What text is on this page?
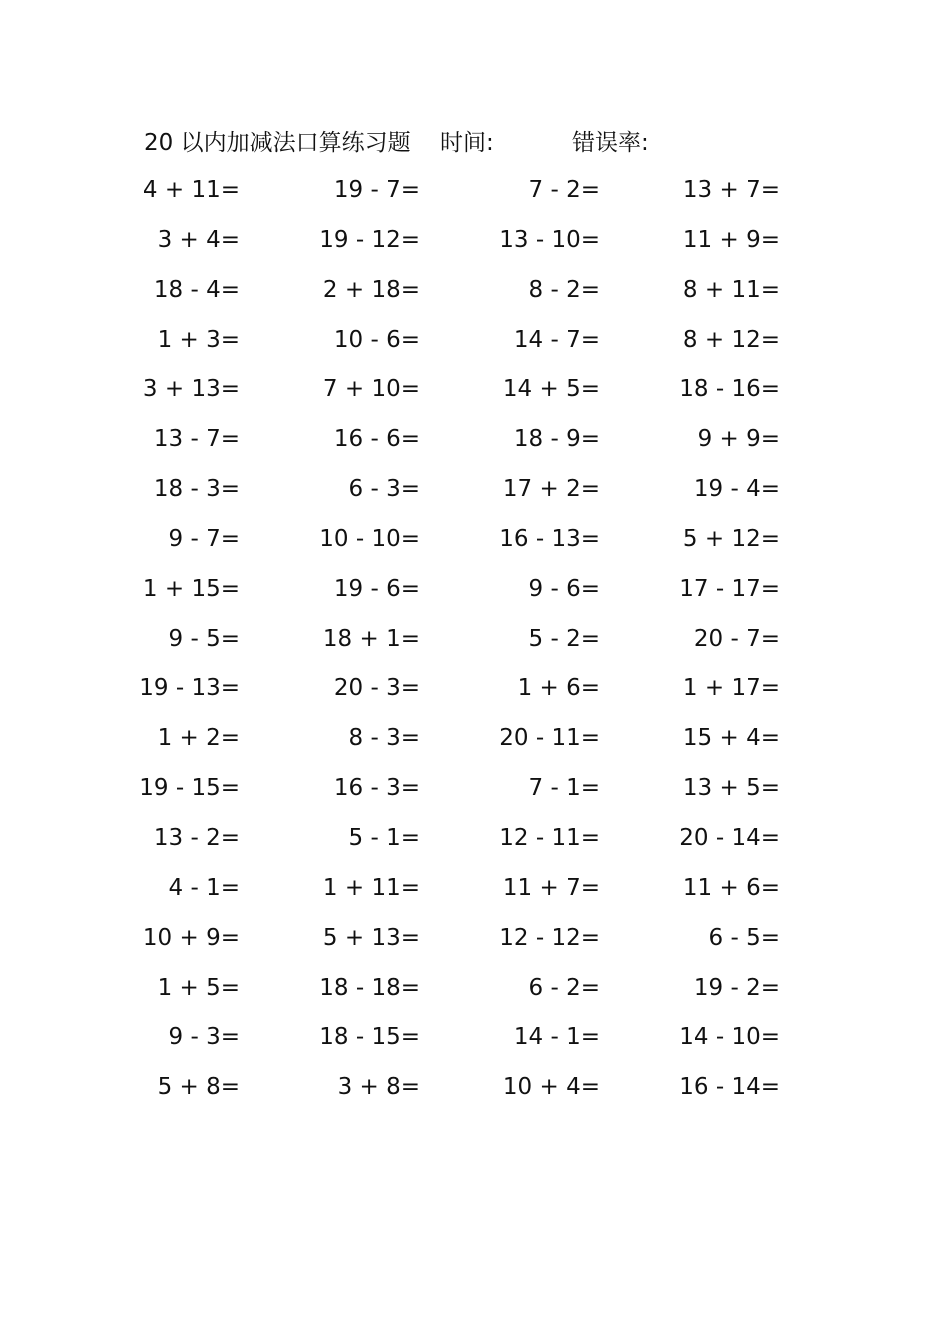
20 以内加减法口算练习题 时间:	错误率:
4 + 11=	19 - 7=	7 - 2=	13 + 7=
3 + 4=	19 - 12=	13 - 10=	11 + 9=
18 - 4=	2 + 18=	8 - 2=	8 + 11=
1 + 3=	10 - 6=	14 - 7=	8 + 12=
3 + 13=	7 + 10=	14 + 5=	18 - 16=
13 - 7=	16 - 6=	18 - 9=	9 + 9=
18 - 3=	6 - 3=	17 + 2=	19 - 4=
9 - 7=	10 - 10=	16 - 13=	5 + 12=
1 + 15=	19 - 6=	9 - 6=	17 - 17=
9 - 5=	18 + 1=	5 - 2=	20 - 7=
19 - 13=	20 - 3=	1 + 6=	1 + 17=
1 + 2=	8 - 3=	20 - 11=	15 + 4=
19 - 15=	16 - 3=	7 - 1=	13 + 5=
13 - 2=	5 - 1=	12 - 11=	20 - 14=
4 - 1=	1 + 11=	11 + 7=	11 + 6=
10 + 9=	5 + 13=	12 - 12=	6 - 5=
1 + 5=	18 - 18=	6 - 2=	19 - 2=
9 - 3=	18 - 15=	14 - 1=	14 - 10=
5 + 8=	3 + 8=	10 + 4=	16 - 14=
